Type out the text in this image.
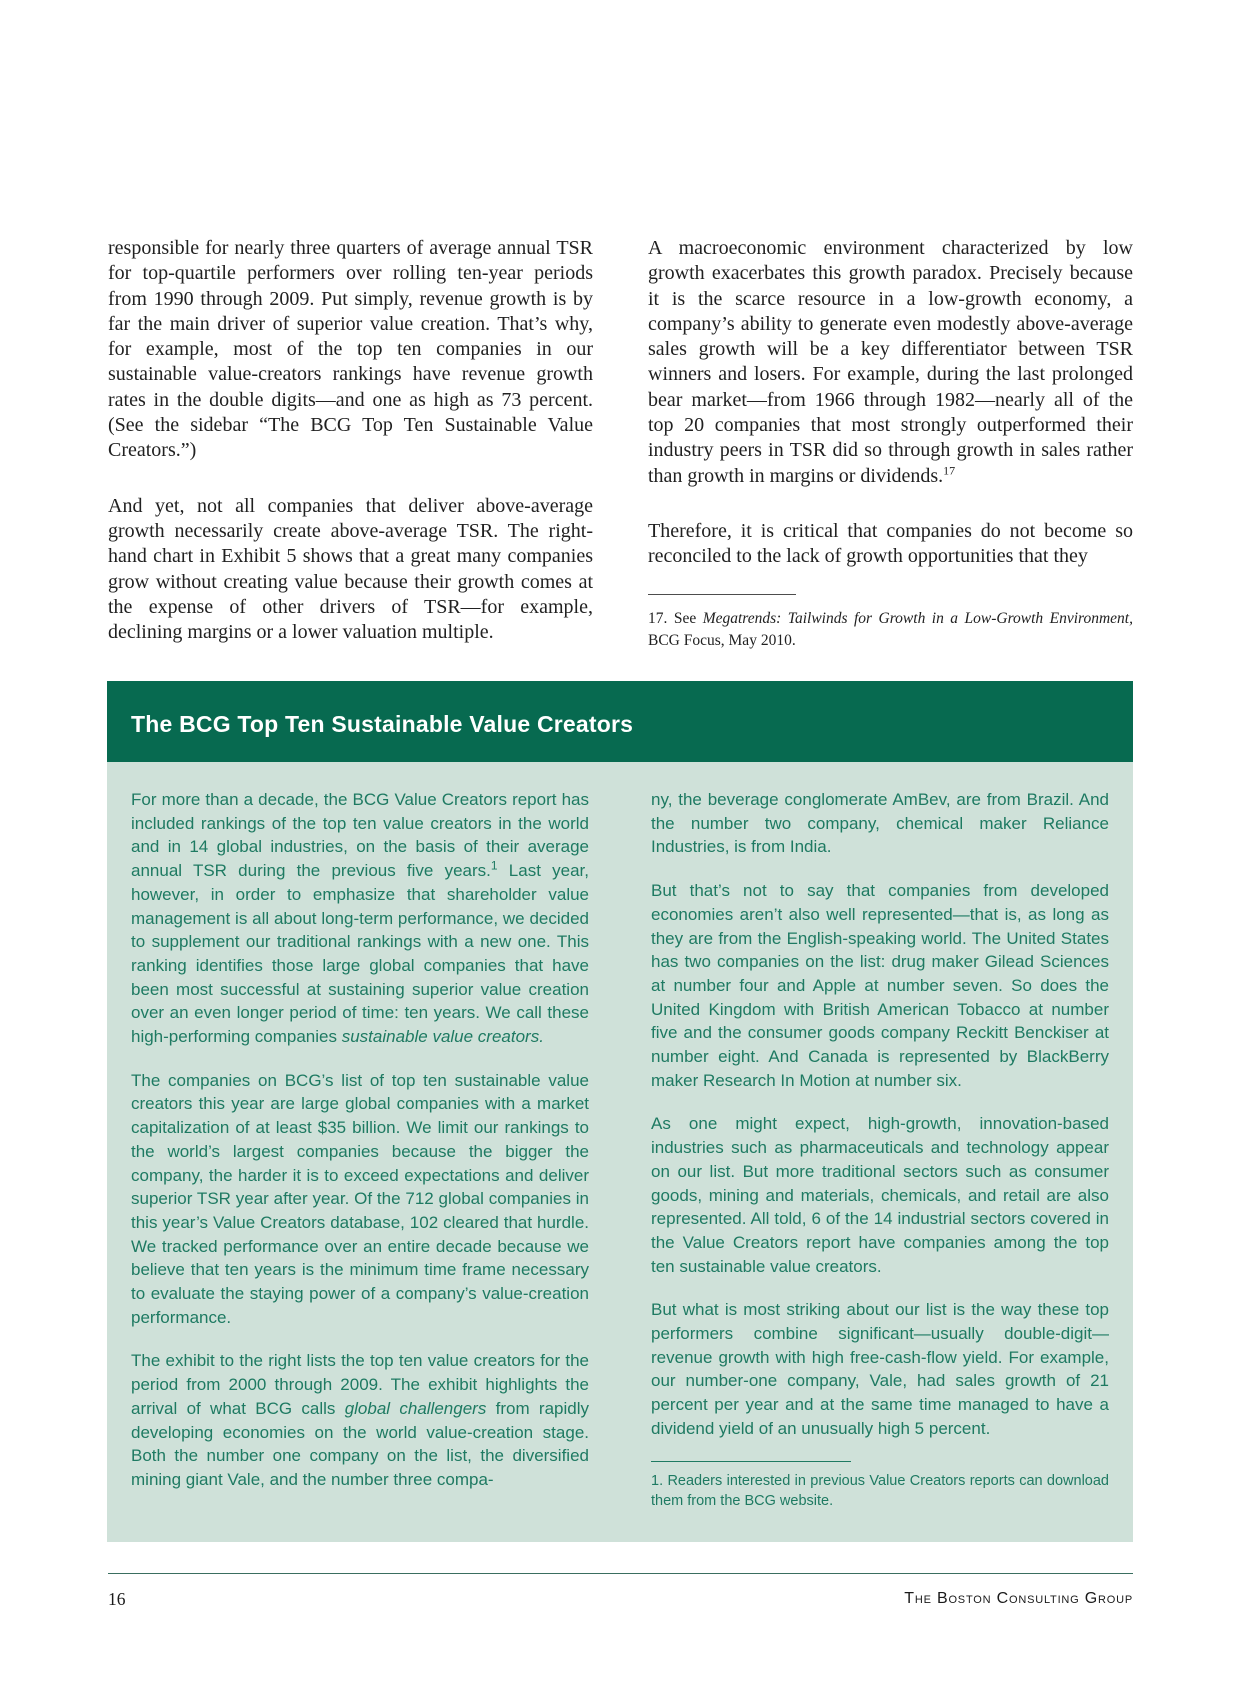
responsible for nearly three quarters of average annual TSR for top-quartile performers over rolling ten-year periods from 1990 through 2009. Put simply, revenue growth is by far the main driver of superior value creation. That’s why, for example, most of the top ten companies in our sustainable value-creators rankings have revenue growth rates in the double digits—and one as high as 73 percent. (See the sidebar “The BCG Top Ten Sustainable Value Creators.”)

And yet, not all companies that deliver above-average growth necessarily create above-average TSR. The right-hand chart in Exhibit 5 shows that a great many companies grow without creating value because their growth comes at the expense of other drivers of TSR—for example, declining margins or a lower valuation multiple.

A macroeconomic environment characterized by low growth exacerbates this growth paradox. Precisely because it is the scarce resource in a low-growth economy, a company’s ability to generate even modestly above-average sales growth will be a key differentiator between TSR winners and losers. For example, during the last prolonged bear market—from 1966 through 1982—nearly all of the top 20 companies that most strongly outperformed their industry peers in TSR did so through growth in sales rather than growth in margins or dividends.$^{17}$

Therefore, it is critical that companies do not become so reconciled to the lack of growth opportunities that they

17. See Megatrends: Tailwinds for Growth in a Low-Growth Environment, BCG Focus, May 2010.

The BCG Top Ten Sustainable Value Creators

For more than a decade, the BCG Value Creators report has included rankings of the top ten value creators in the world and in 14 global industries, on the basis of their average annual TSR during the previous five years.$^1$ Last year, however, in order to emphasize that shareholder value management is all about long-term performance, we decided to supplement our traditional rankings with a new one. This ranking identifies those large global companies that have been most successful at sustaining superior value creation over an even longer period of time: ten years. We call these high-performing companies sustainable value creators.

The companies on BCG’s list of top ten sustainable value creators this year are large global companies with a market capitalization of at least $35 billion. We limit our rankings to the world’s largest companies because the bigger the company, the harder it is to exceed expectations and deliver superior TSR year after year. Of the 712 global companies in this year’s Value Creators database, 102 cleared that hurdle. We tracked performance over an entire decade because we believe that ten years is the minimum time frame necessary to evaluate the staying power of a company’s value-creation performance.

The exhibit to the right lists the top ten value creators for the period from 2000 through 2009. The exhibit highlights the arrival of what BCG calls global challengers from rapidly developing economies on the world value-creation stage. Both the number one company on the list, the diversified mining giant Vale, and the number three compa-

ny, the beverage conglomerate AmBev, are from Brazil. And the number two company, chemical maker Reliance Industries, is from India.

But that’s not to say that companies from developed economies aren’t also well represented—that is, as long as they are from the English-speaking world. The United States has two companies on the list: drug maker Gilead Sciences at number four and Apple at number seven. So does the United Kingdom with British American Tobacco at number five and the consumer goods company Reckitt Benckiser at number eight. And Canada is represented by BlackBerry maker Research In Motion at number six.

As one might expect, high-growth, innovation-based industries such as pharmaceuticals and technology appear on our list. But more traditional sectors such as consumer goods, mining and materials, chemicals, and retail are also represented. All told, 6 of the 14 industrial sectors covered in the Value Creators report have companies among the top ten sustainable value creators.

But what is most striking about our list is the way these top performers combine significant—usually double-digit—revenue growth with high free-cash-flow yield. For example, our number-one company, Vale, had sales growth of 21 percent per year and at the same time managed to have a dividend yield of an unusually high 5 percent.

1. Readers interested in previous Value Creators reports can download them from the BCG website.

16	The Boston Consulting Group
